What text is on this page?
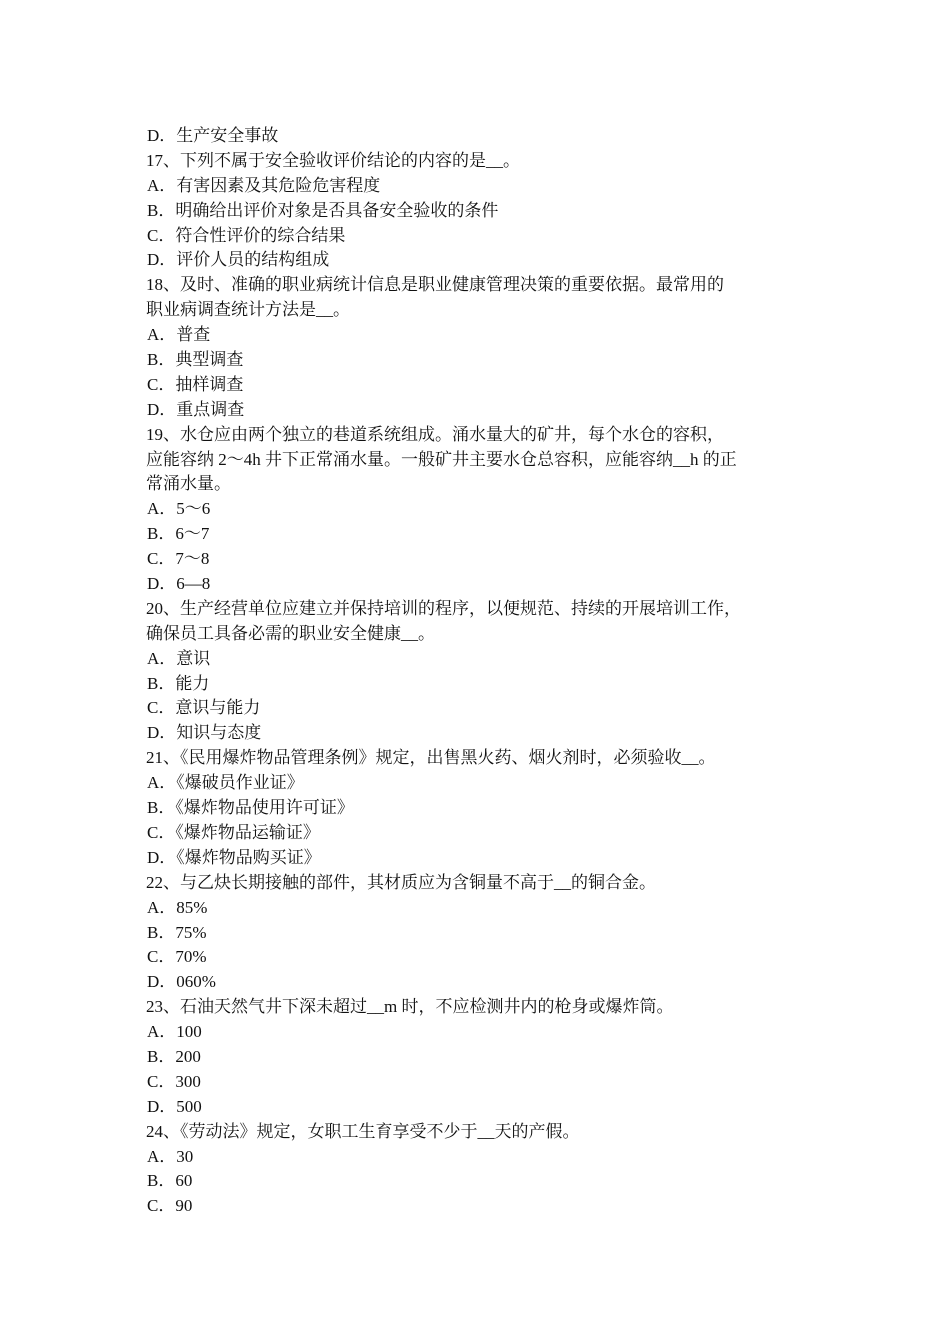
D．生产安全事故
17、下列不属于安全验收评价结论的内容的是__。
A．有害因素及其危险危害程度
B．明确给出评价对象是否具备安全验收的条件
C．符合性评价的综合结果
D．评价人员的结构组成
18、及时、准确的职业病统计信息是职业健康管理决策的重要依据。最常用的
职业病调查统计方法是__。
A．普查
B．典型调查
C．抽样调查
D．重点调查
19、水仓应由两个独立的巷道系统组成。涌水量大的矿井，每个水仓的容积，
应能容纳 2～4h 井下正常涌水量。一般矿井主要水仓总容积，应能容纳__h 的正
常涌水量。
A．5～6
B．6～7
C．7～8
D．6—8
20、生产经营单位应建立并保持培训的程序，以便规范、持续的开展培训工作，
确保员工具备必需的职业安全健康__。
A．意识
B．能力
C．意识与能力
D．知识与态度
21、《民用爆炸物品管理条例》规定，出售黑火药、烟火剂时，必须验收__。
A．《爆破员作业证》
B．《爆炸物品使用许可证》
C．《爆炸物品运输证》
D．《爆炸物品购买证》
22、与乙炔长期接触的部件，其材质应为含铜量不高于__的铜合金。
A．85%
B．75%
C．70%
D．060%
23、石油天然气井下深未超过__m 时，不应检测井内的枪身或爆炸筒。
A．100
B．200
C．300
D．500
24、《劳动法》规定，女职工生育享受不少于__天的产假。
A．30
B．60
C．90
